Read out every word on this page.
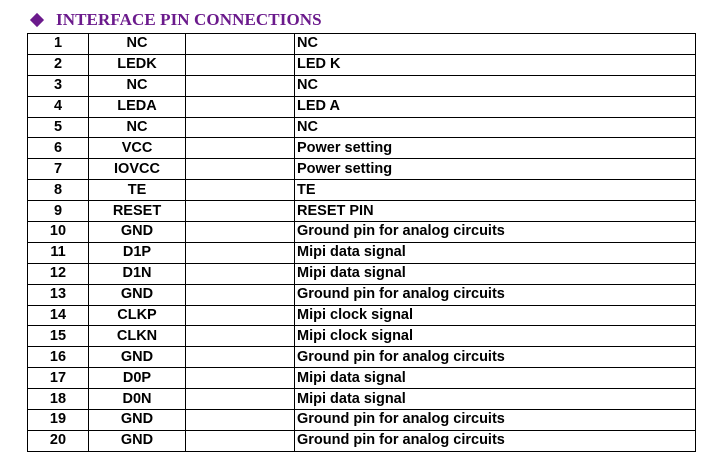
INTERFACE PIN CONNECTIONS
1	NC		NC
2	LEDK		LED K
3	NC		NC
4	LEDA		LED A
5	NC		NC
6	VCC		Power setting
7	IOVCC		Power setting
8	TE		TE
9	RESET		RESET PIN
10	GND		Ground pin for analog circuits
11	D1P		Mipi data signal
12	D1N		Mipi data signal
13	GND		Ground pin for analog circuits
14	CLKP		Mipi clock signal
15	CLKN		Mipi clock signal
16	GND		Ground pin for analog circuits
17	D0P		Mipi data signal
18	D0N		Mipi data signal
19	GND		Ground pin for analog circuits
20	GND		Ground pin for analog circuits
